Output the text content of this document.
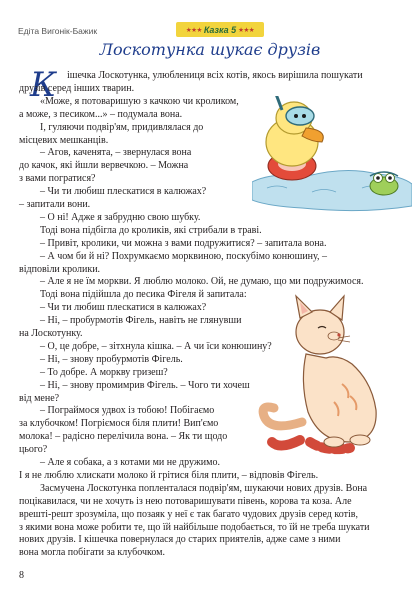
Едіта Вигонік-Бажик	★★★ Казка 5 ★★★
Лоскотунка шукає друзів
К ішечка Лоскотунка, улюблениця всіх котів, якось вирішила пошукати
друзів серед інших тварин.
«Може, я потоваришую з качкою чи кроликом,
а може, з песиком...» – подумала вона.
І, гуляючи подвір'ям, придивлялася до
місцевих мешканців.
– Агов, каченята, – звернулася вона
до качок, які йшли вервечкою. – Можна
з вами погратися?
– Чи ти любиш плескатися в калюжах?
– запитали вони.
– О ні! Адже я забрудню свою шубку.
Тоді вона підбігла до кроликів, які стрибали в траві.
– Привіт, кролики, чи можна з вами подружитися? – запитала вона.
– А чом би й ні? Похрумкаємо морквиною, поскубімо конюшину, –
відповіли кролики.
– Але я не їм моркви. Я люблю молоко. Ой, не думаю, що ми подружимося.
Тоді вона підійшла до песика Фігеля й запитала:
– Чи ти любиш плескатися в калюжах?
– Ні, – пробурмотів Фігель, навіть не глянувши
на Лоскотунку.
– О, це добре, – зітхнула кішка. – А чи їси конюшину?
– Ні, – знову пробурмотів Фігель.
– То добре. А моркву гризеш?
– Ні, – знову промимрив Фігель. – Чого ти хочеш
від мене?
– Пограймося удвох із тобою! Побігаємо
за клубочком! Погріємося біля плити! Вип'ємо
молока! – радісно перелічила вона. – Як ти щодо
цього?
– Але я собака, а з котами ми не дружимо.
І я не люблю хлискати молоко й грітися біля плити, – відповів Фігель.
Засмучена Лоскотунка попленталася подвір'ям, шукаючи нових друзів. Вона
поцікавилася, чи не хочуть із нею потоваришувати півень, корова та коза. Але
врешті-решт зрозуміла, що позаяк у неї є так багато чудових друзів серед котів,
з якими вона може робити те, що їй найбільше подобається, то їй не треба шукати
нових друзів. І кішечка повернулася до старих приятелів, адже саме з ними
вона могла побігати за клубочком.
8
